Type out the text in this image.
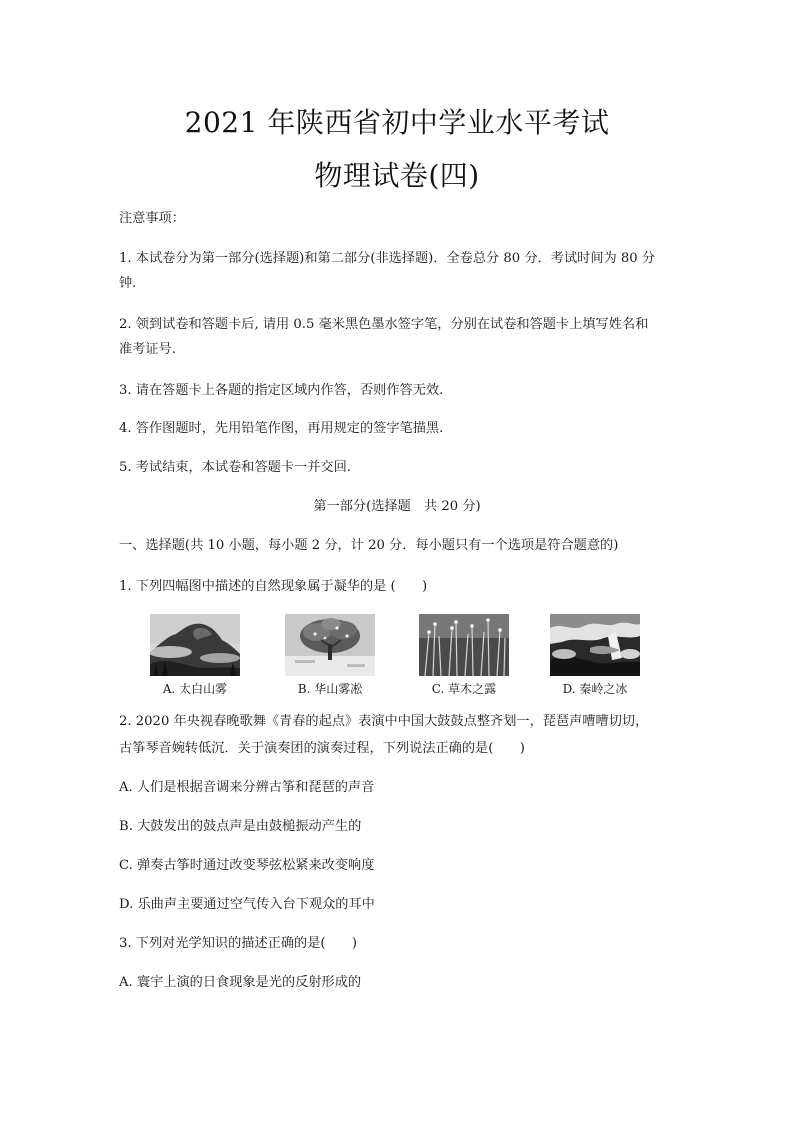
2021 年陕西省初中学业水平考试
物理试卷(四)
注意事项：
1. 本试卷分为第一部分(选择题)和第二部分(非选择题)．全卷总分 80 分．考试时间为 80 分
钟.
2. 领到试卷和答题卡后, 请用 0.5 毫米黑色墨水签字笔，分别在试卷和答题卡上填写姓名和
准考证号.
3. 请在答题卡上各题的指定区域内作答，否则作答无效.
4. 答作图题时，先用铅笔作图，再用规定的签字笔描黑.
5. 考试结束，本试卷和答题卡一并交回.
第一部分(选择题　共 20 分)
一、选择题(共 10 小题，每小题 2 分，计 20 分．每小题只有一个选项是符合题意的)
1. 下列四幅图中描述的自然现象属于凝华的是 (　　)
A. 太白山雾	B. 华山雾凇	C. 草木之露	D. 秦岭之冰
2. 2020 年央视春晚歌舞《青春的起点》表演中中国大鼓鼓点整齐划一，琵琶声嘈嘈切切，
古筝琴音婉转低沉．关于演奏团的演奏过程，下列说法正确的是(　　)
A. 人们是根据音调来分辨古筝和琵琶的声音
B. 大鼓发出的鼓点声是由鼓槌振动产生的
C. 弹奏古筝时通过改变琴弦松紧来改变响度
D. 乐曲声主要通过空气传入台下观众的耳中
3. 下列对光学知识的描述正确的是(　　)
A. 寰宇上演的日食现象是光的反射形成的
